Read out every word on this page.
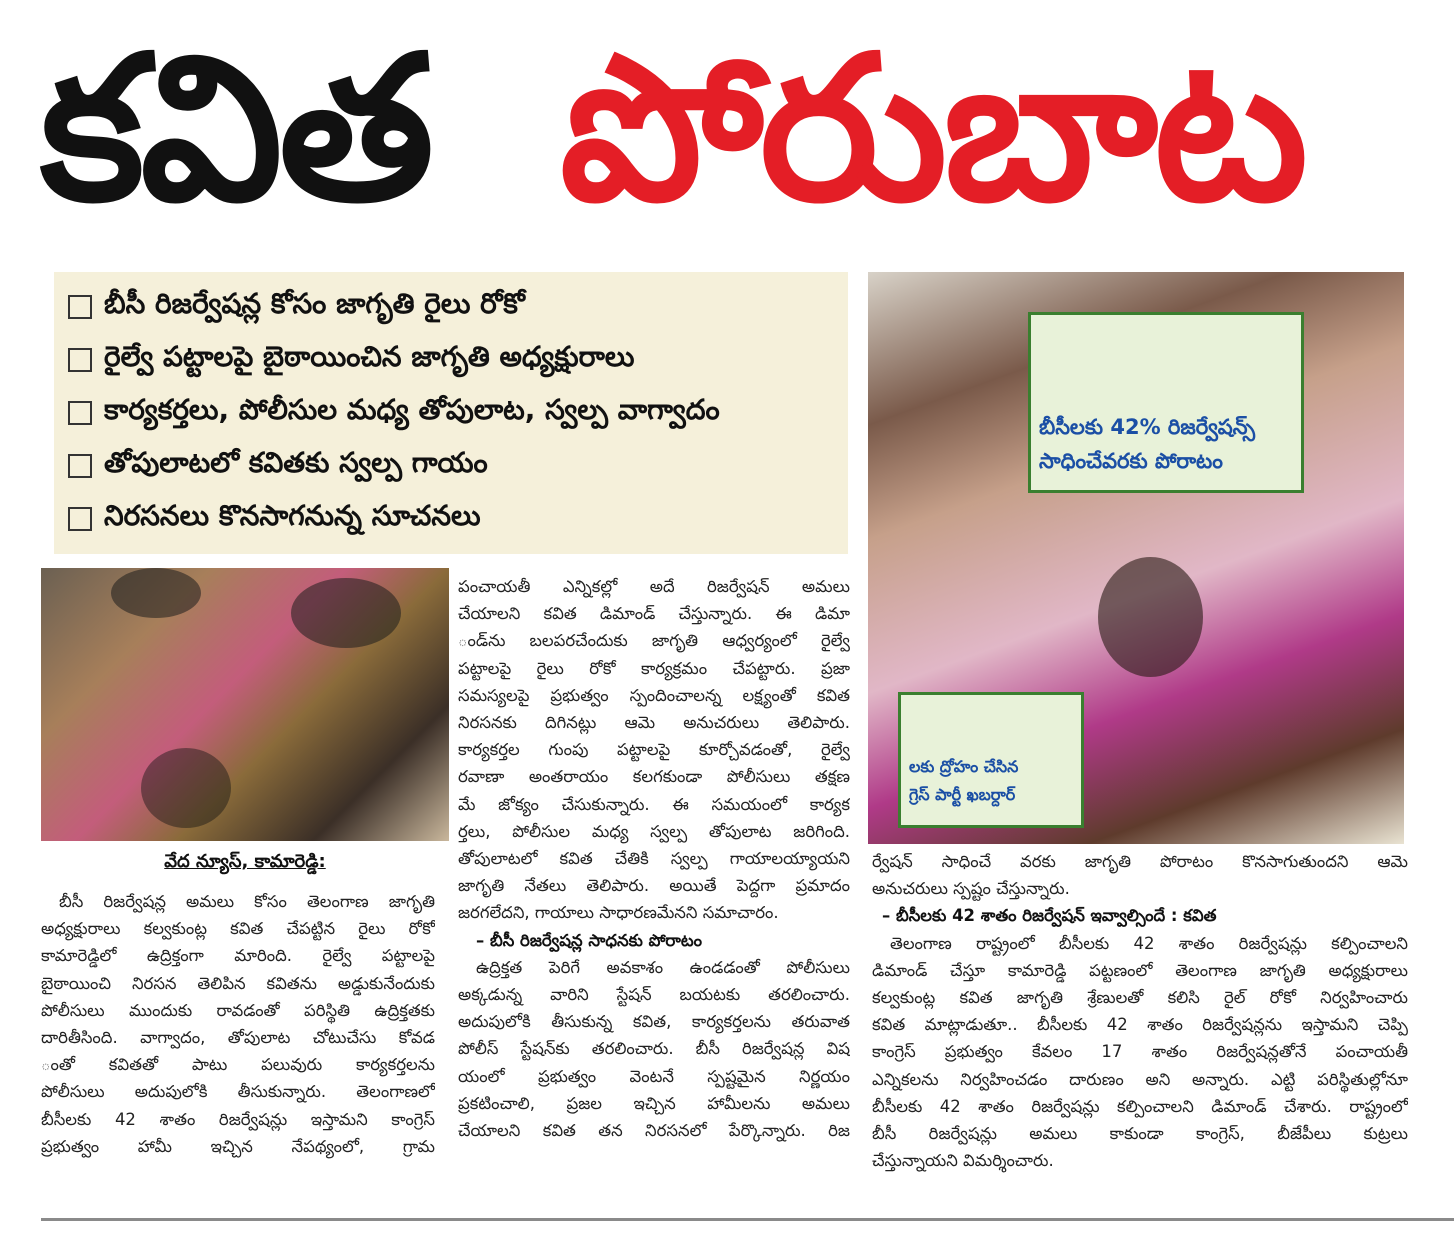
కవిత పోరుబాట
బీసీ రిజర్వేషన్ల కోసం జాగృతి రైలు రోకో
రైల్వే పట్టాలపై బైఠాయించిన జాగృతి అధ్యక్షురాలు
కార్యకర్తలు, పోలీసుల మధ్య తోపులాట, స్వల్ప వాగ్వాదం
తోపులాటలో కవితకు స్వల్ప గాయం
నిరసనలు కొనసాగనున్న సూచనలు
బీసీలకు 42% రిజర్వేషన్స్
సాధించేవరకు పోరాటం
లకు ద్రోహం చేసిన
గ్రెస్ పార్టీ ఖబర్దార్
వేద న్యూస్, కామారెడ్డి:

బీసీ రిజర్వేషన్ల అమలు కోసం తెలంగాణ జాగృతి

అధ్యక్షురాలు కల్వకుంట్ల కవిత చేపట్టిన రైలు రోకో

కామారెడ్డిలో ఉద్రిక్తంగా మారింది. రైల్వే పట్టాలపై

బైఠాయించి నిరసన తెలిపిన కవితను అడ్డుకునేందుకు

పోలీసులు ముందుకు రావడంతో పరిస్థితి ఉద్రిక్తతకు

దారితీసింది. వాగ్వాదం, తోపులాట చోటుచేసు కోవడ

ంతో కవితతో పాటు పలువురు కార్యకర్తలను

పోలీసులు అదుపులోకి తీసుకున్నారు. తెలంగాణలో

బీసీలకు 42 శాతం రిజర్వేషన్లు ఇస్తామని కాంగ్రెస్

ప్రభుత్వం హామీ ఇచ్చిన నేపథ్యంలో, గ్రామ

పంచాయతీ ఎన్నికల్లో అదే రిజర్వేషన్ అమలు

చేయాలని కవిత డిమాండ్ చేస్తున్నారు. ఈ డిమా

ండ్‌ను బలపరచేందుకు జాగృతి ఆధ్వర్యంలో రైల్వే

పట్టాలపై రైలు రోకో కార్యక్రమం చేపట్టారు. ప్రజా

సమస్యలపై ప్రభుత్వం స్పందించాలన్న లక్ష్యంతో కవిత

నిరసనకు దిగినట్లు ఆమె అనుచరులు తెలిపారు.

కార్యకర్తల గుంపు పట్టాలపై కూర్చోవడంతో, రైల్వే

రవాణా అంతరాయం కలగకుండా పోలీసులు తక్షణ

మే జోక్యం చేసుకున్నారు. ఈ సమయంలో కార్యక

ర్తలు, పోలీసుల మధ్య స్వల్ప తోపులాట జరిగింది.

తోపులాటలో కవిత చేతికి స్వల్ప గాయాలయ్యాయని

జాగృతి నేతలు తెలిపారు. అయితే పెద్దగా ప్రమాదం

జరగలేదని, గాయాలు సాధారణమేనని సమాచారం.

– బీసీ రిజర్వేషన్ల సాధనకు పోరాటం

ఉద్రిక్తత పెరిగే అవకాశం ఉండడంతో పోలీసులు

అక్కడున్న వారిని స్టేషన్ బయటకు తరలించారు.

అదుపులోకి తీసుకున్న కవిత, కార్యకర్తలను తరువాత

పోలీస్ స్టేషన్‌కు తరలించారు. బీసీ రిజర్వేషన్ల విష

యంలో ప్రభుత్వం వెంటనే స్పష్టమైన నిర్ణయం

ప్రకటించాలి, ప్రజల ఇచ్చిన హామీలను అమలు

చేయాలని కవిత తన నిరసనలో పేర్కొన్నారు. రిజ

ర్వేషన్ సాధించే వరకు జాగృతి పోరాటం కొనసాగుతుందని ఆమె

అనుచరులు స్పష్టం చేస్తున్నారు.

– బీసీలకు 42 శాతం రిజర్వేషన్ ఇవ్వాల్సిందే : కవిత

తెలంగాణ రాష్ట్రంలో బీసీలకు 42 శాతం రిజర్వేషన్లు కల్పించాలని

డిమాండ్ చేస్తూ కామారెడ్డి పట్టణంలో తెలంగాణ జాగృతి అధ్యక్షురాలు

కల్వకుంట్ల కవిత జాగృతి శ్రేణులతో కలిసి రైల్ రోకో నిర్వహించారు

కవిత మాట్లాడుతూ.. బీసీలకు 42 శాతం రిజర్వేషన్లను ఇస్తామని చెప్పి

కాంగ్రెస్ ప్రభుత్వం కేవలం 17 శాతం రిజర్వేషన్లతోనే పంచాయతీ

ఎన్నికలను నిర్వహించడం దారుణం అని అన్నారు. ఎట్టి పరిస్థితుల్లోనూ

బీసీలకు 42 శాతం రిజర్వేషన్లు కల్పించాలని డిమాండ్ చేశారు. రాష్ట్రంలో

బీసీ రిజర్వేషన్లు అమలు కాకుండా కాంగ్రెస్, బీజేపీలు కుట్రలు

చేస్తున్నాయని విమర్శించారు.
